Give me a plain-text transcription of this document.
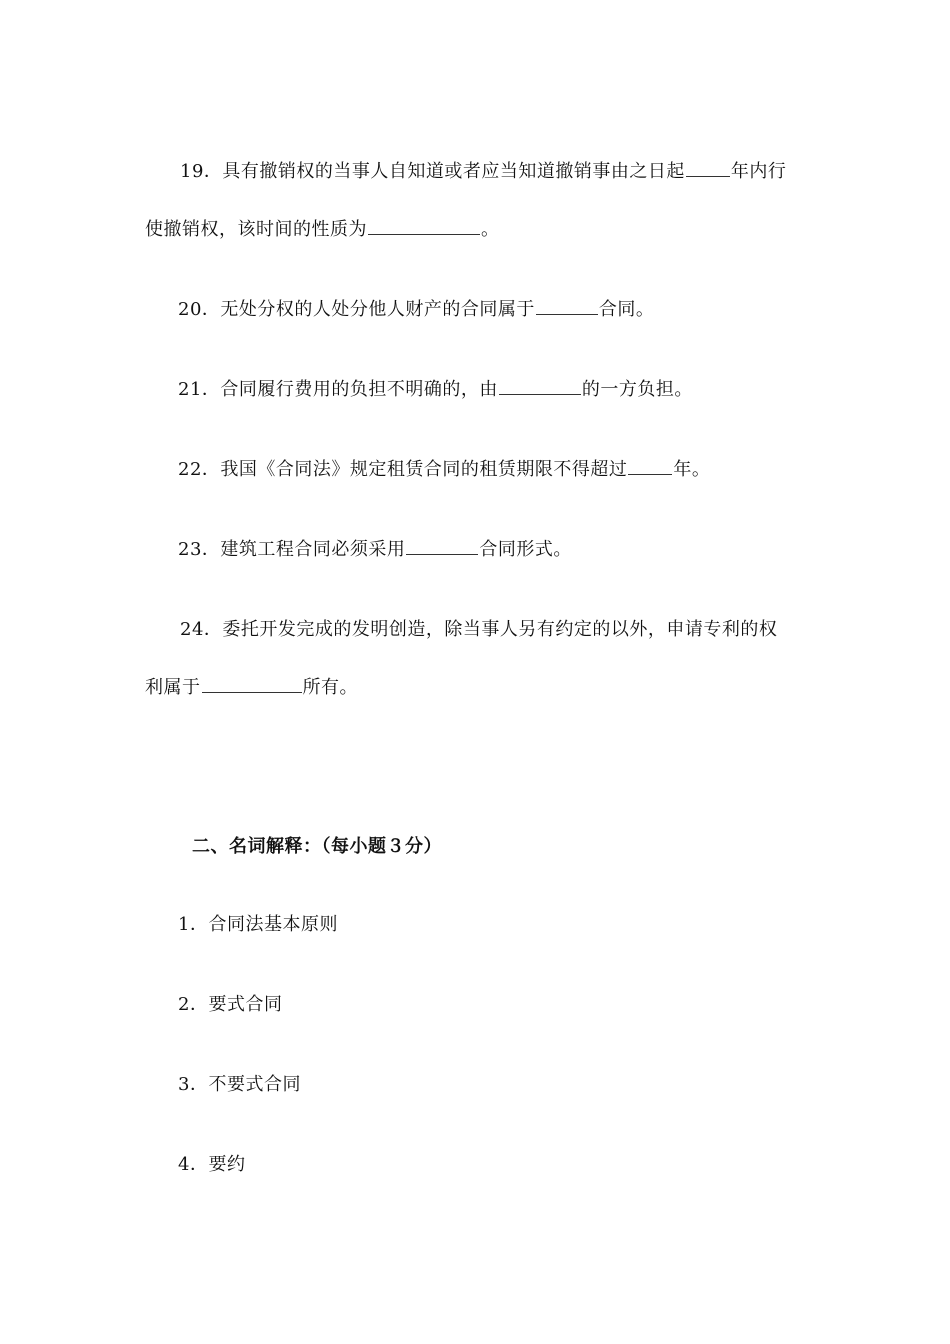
19．具有撤销权的当事人自知道或者应当知道撤销事由之日起	年内行
使撤销权，该时间的性质为	。
20．无处分权的人处分他人财产的合同属于	合同。
21．合同履行费用的负担不明确的，由	的一方负担。
22．我国《合同法》规定租赁合同的租赁期限不得超过	年。
23．建筑工程合同必须采用	合同形式。
24．委托开发完成的发明创造，除当事人另有约定的以外，申请专利的权
利属于	所有。
二、名词解释：（每小题３分）
1．合同法基本原则
2．要式合同
3．不要式合同
4．要约
